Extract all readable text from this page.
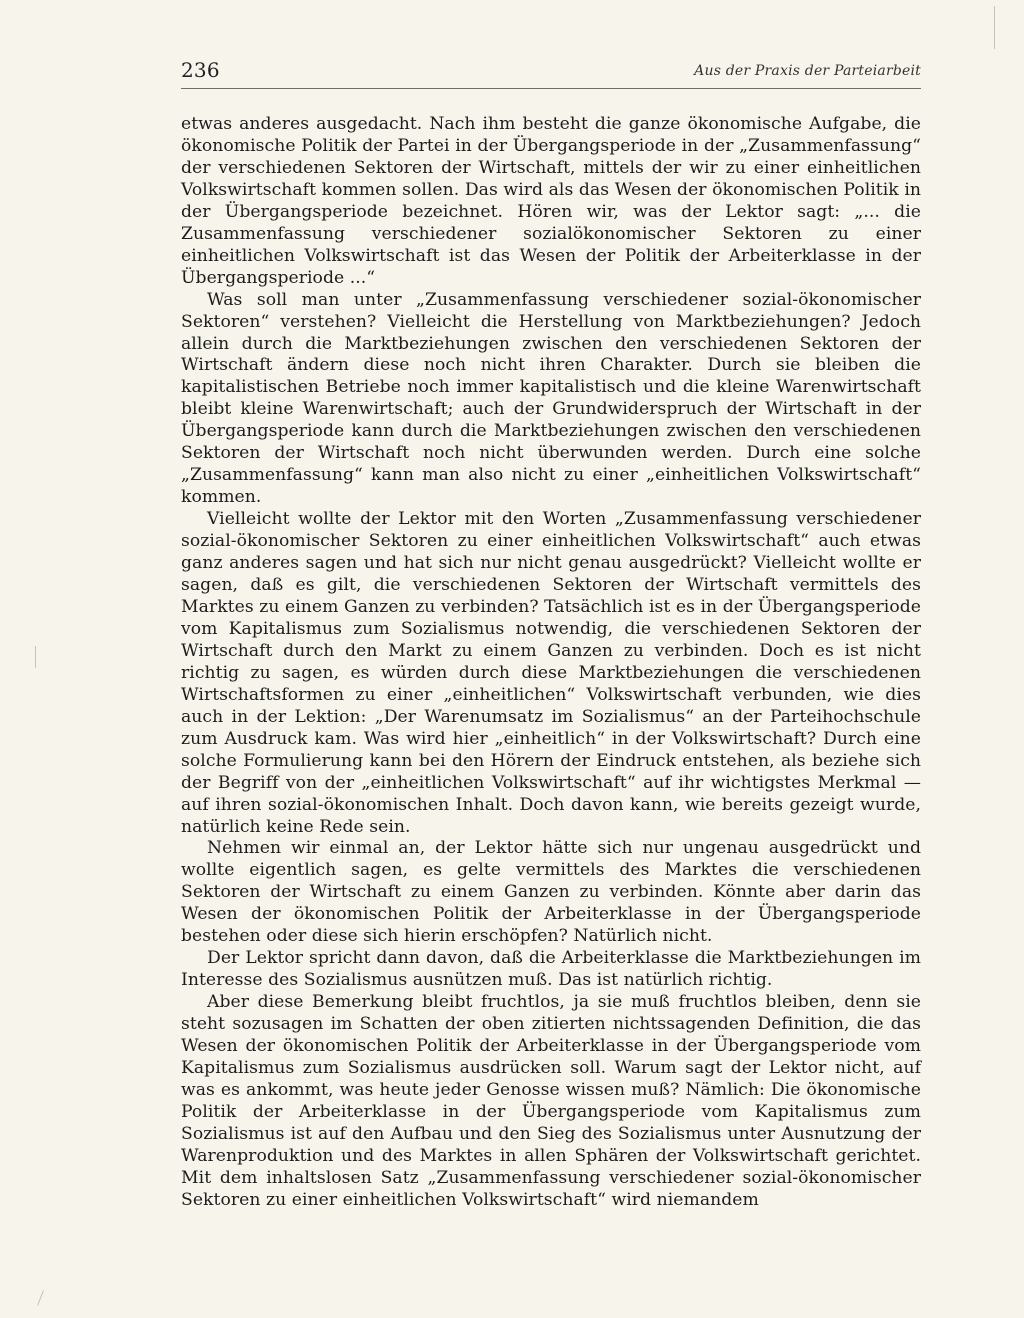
236	Aus der Praxis der Parteiarbeit

etwas anderes ausgedacht. Nach ihm besteht die ganze ökonomische Aufgabe, die ökonomische Politik der Partei in der Übergangsperiode in der „Zusammenfassung“ der verschiedenen Sektoren der Wirtschaft, mittels der wir zu einer einheitlichen Volkswirtschaft kommen sollen. Das wird als das Wesen der ökonomischen Politik in der Übergangsperiode bezeichnet. Hören wir, was der Lektor sagt: „... die Zusammenfassung verschiedener sozialökonomischer Sektoren zu einer einheitlichen Volkswirtschaft ist das Wesen der Politik der Arbeiterklasse in der Übergangsperiode ...“

Was soll man unter „Zusammenfassung verschiedener sozial-ökonomischer Sektoren“ verstehen? Vielleicht die Herstellung von Marktbeziehungen? Jedoch allein durch die Marktbeziehungen zwischen den verschiedenen Sektoren der Wirtschaft ändern diese noch nicht ihren Charakter. Durch sie bleiben die kapitalistischen Betriebe noch immer kapitalistisch und die kleine Warenwirtschaft bleibt kleine Warenwirtschaft; auch der Grundwiderspruch der Wirtschaft in der Übergangsperiode kann durch die Marktbeziehungen zwischen den verschiedenen Sektoren der Wirtschaft noch nicht überwunden werden. Durch eine solche „Zusammenfassung“ kann man also nicht zu einer „einheitlichen Volkswirtschaft“ kommen.

Vielleicht wollte der Lektor mit den Worten „Zusammenfassung verschiedener sozial-ökonomischer Sektoren zu einer einheitlichen Volkswirtschaft“ auch etwas ganz anderes sagen und hat sich nur nicht genau ausgedrückt? Vielleicht wollte er sagen, daß es gilt, die verschiedenen Sektoren der Wirtschaft vermittels des Marktes zu einem Ganzen zu verbinden? Tatsächlich ist es in der Übergangsperiode vom Kapitalismus zum Sozialismus notwendig, die verschiedenen Sektoren der Wirtschaft durch den Markt zu einem Ganzen zu verbinden. Doch es ist nicht richtig zu sagen, es würden durch diese Marktbeziehungen die verschiedenen Wirtschaftsformen zu einer „einheitlichen“ Volkswirtschaft verbunden, wie dies auch in der Lektion: „Der Warenumsatz im Sozialismus“ an der Parteihochschule zum Ausdruck kam. Was wird hier „einheitlich“ in der Volkswirtschaft? Durch eine solche Formulierung kann bei den Hörern der Eindruck entstehen, als beziehe sich der Begriff von der „einheitlichen Volkswirtschaft“ auf ihr wichtigstes Merkmal — auf ihren sozial-ökonomischen Inhalt. Doch davon kann, wie bereits gezeigt wurde, natürlich keine Rede sein.

Nehmen wir einmal an, der Lektor hätte sich nur ungenau ausgedrückt und wollte eigentlich sagen, es gelte vermittels des Marktes die verschiedenen Sektoren der Wirtschaft zu einem Ganzen zu verbinden. Könnte aber darin das Wesen der ökonomischen Politik der Arbeiterklasse in der Übergangsperiode bestehen oder diese sich hierin erschöpfen? Natürlich nicht.

Der Lektor spricht dann davon, daß die Arbeiterklasse die Marktbeziehungen im Interesse des Sozialismus ausnützen muß. Das ist natürlich richtig.

Aber diese Bemerkung bleibt fruchtlos, ja sie muß fruchtlos bleiben, denn sie steht sozusagen im Schatten der oben zitierten nichtssagenden Definition, die das Wesen der ökonomischen Politik der Arbeiterklasse in der Übergangsperiode vom Kapitalismus zum Sozialismus ausdrücken soll. Warum sagt der Lektor nicht, auf was es ankommt, was heute jeder Genosse wissen muß? Nämlich: Die ökonomische Politik der Arbeiterklasse in der Übergangsperiode vom Kapitalismus zum Sozialismus ist auf den Aufbau und den Sieg des Sozialismus unter Ausnutzung der Warenproduktion und des Marktes in allen Sphären der Volkswirtschaft gerichtet. Mit dem inhaltslosen Satz „Zusammenfassung verschiedener sozial-ökonomischer Sektoren zu einer einheitlichen Volkswirtschaft“ wird niemandem
